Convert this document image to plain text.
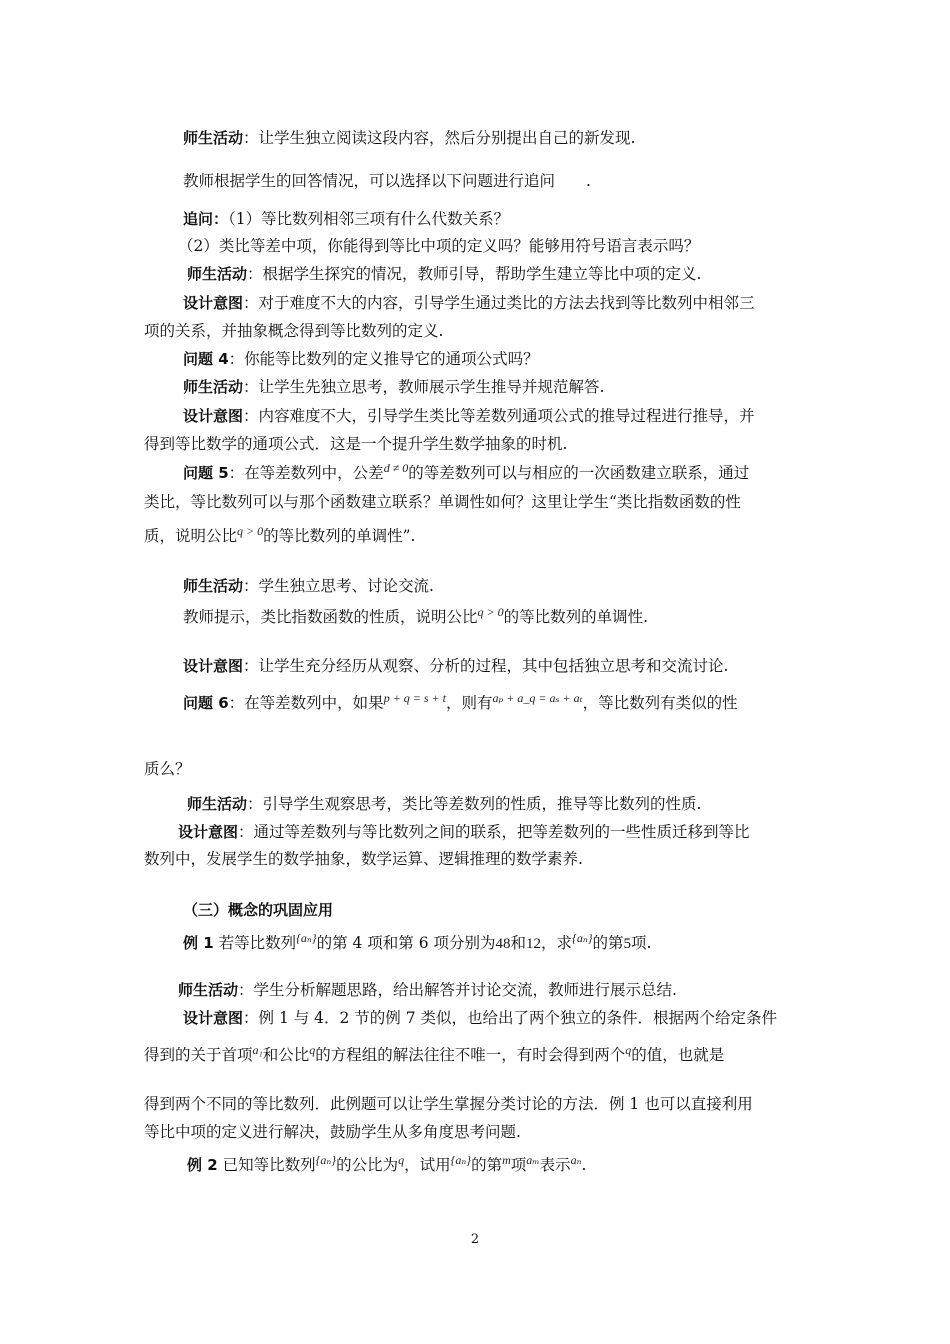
师生活动：让学生独立阅读这段内容，然后分别提出自己的新发现.
教师根据学生的回答情况，可以选择以下问题进行追问　　.
追问：（1）等比数列相邻三项有什么代数关系？
（2）类比等差中项，你能得到等比中项的定义吗？能够用符号语言表示吗？
师生活动：根据学生探究的情况，教师引导，帮助学生建立等比中项的定义.
设计意图：对于难度不大的内容，引导学生通过类比的方法去找到等比数列中相邻三
项的关系，并抽象概念得到等比数列的定义.
问题 4：你能等比数列的定义推导它的通项公式吗？
师生活动：让学生先独立思考，教师展示学生推导并规范解答.
设计意图：内容难度不大，引导学生类比等差数列通项公式的推导过程进行推导，并
得到等比数学的通项公式．这是一个提升学生数学抽象的时机.
问题 5：在等差数列中，公差$^{d \ne 0}$的等差数列可以与相应的一次函数建立联系，通过
类比，等比数列可以与那个函数建立联系？单调性如何？这里让学生“类比指数函数的性
质，说明公比$^{q > 0}$的等比数列的单调性”.
师生活动：学生独立思考、讨论交流.
教师提示，类比指数函数的性质，说明公比$^{q > 0}$的等比数列的单调性.
设计意图：让学生充分经历从观察、分析的过程，其中包括独立思考和交流讨论.
问题 6：在等差数列中，如果$^{p + q = s + t}$，则有$^{a_p + a\_q = a_s + a_t}$，等比数列有类似的性
质么？
师生活动：引导学生观察思考，类比等差数列的性质，推导等比数列的性质.
设计意图：通过等差数列与等比数列之间的联系，把等差数列的一些性质迁移到等比
数列中，发展学生的数学抽象，数学运算、逻辑推理的数学素养.
（三）概念的巩固应用
例 1 若等比数列$^{\{a_n\}}$的第 4 项和第 6 项分别为48和12，求$^{\{a_n\}}$的第5项.
师生活动：学生分析解题思路，给出解答并讨论交流，教师进行展示总结.
设计意图：例 1 与 4．2 节的例 7 类似，也给出了两个独立的条件．根据两个给定条件
得到的关于首项$^{a_1}$和公比$^q$的方程组的解法往往不唯一，有时会得到两个$^q$的值，也就是
得到两个不同的等比数列．此例题可以让学生掌握分类讨论的方法．例 1 也可以直接利用
等比中项的定义进行解决，鼓励学生从多角度思考问题.
例 2 已知等比数列$^{\{a_n\}}$的公比为$^q$，试用$^{\{a_n\}}$的第$^m$项$^{a_m}$表示$^{a_n}$.
2
